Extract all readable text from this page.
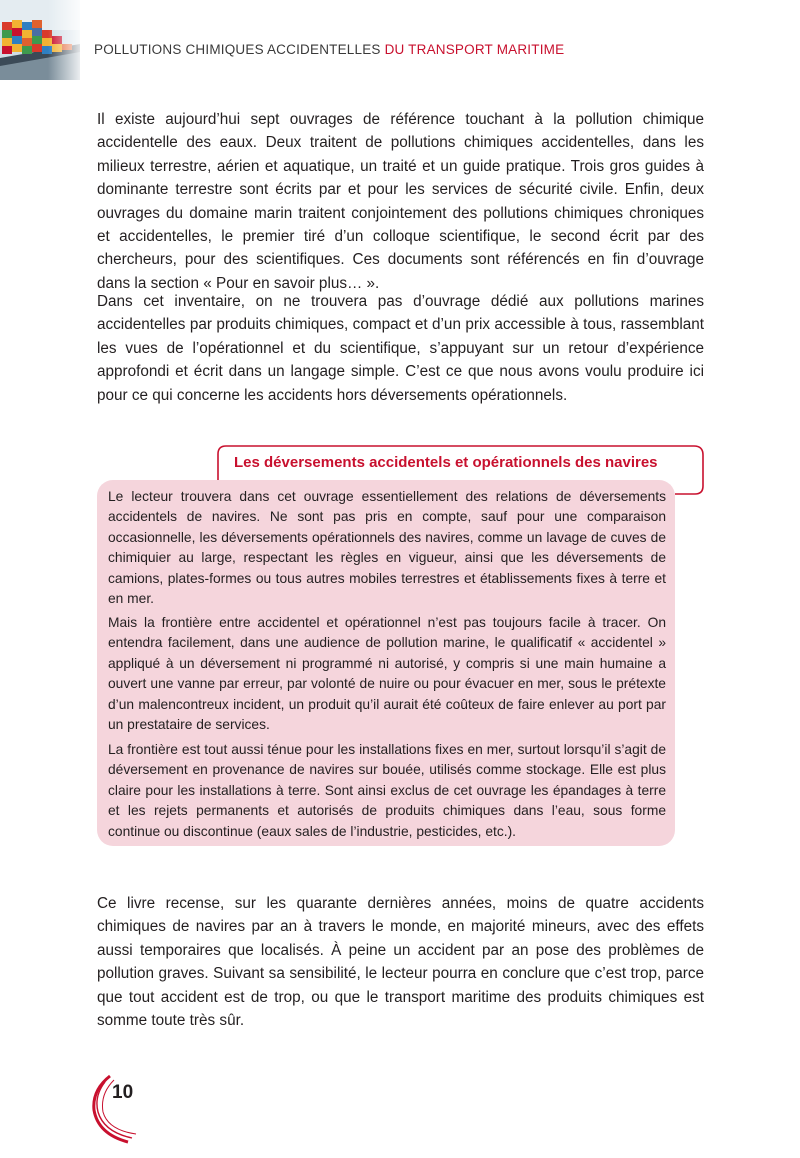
POLLUTIONS CHIMIQUES ACCIDENTELLES DU TRANSPORT MARITIME

Il existe aujourd’hui sept ouvrages de référence touchant à la pollution chimique accidentelle des eaux. Deux traitent de pollutions chimiques accidentelles, dans les milieux terrestre, aérien et aquatique, un traité et un guide pratique. Trois gros guides à dominante terrestre sont écrits par et pour les services de sécurité civile. Enfin, deux ouvrages du domaine marin traitent conjointement des pollutions chimiques chroniques et accidentelles, le premier tiré d’un colloque scientifique, le second écrit par des chercheurs, pour des scientifiques. Ces documents sont référencés en fin d’ouvrage dans la section « Pour en savoir plus… ».

Dans cet inventaire, on ne trouvera pas d’ouvrage dédié aux pollutions marines accidentelles par produits chimiques, compact et d’un prix accessible à tous, rassemblant les vues de l’opérationnel et du scientifique, s’appuyant sur un retour d’expérience approfondi et écrit dans un langage simple. C’est ce que nous avons voulu produire ici pour ce qui concerne les accidents hors déversements opérationnels.

Les déversements accidentels et opérationnels des navires

Le lecteur trouvera dans cet ouvrage essentiellement des relations de déversements accidentels de navires. Ne sont pas pris en compte, sauf pour une comparaison occasionnelle, les déversements opérationnels des navires, comme un lavage de cuves de chimiquier au large, respectant les règles en vigueur, ainsi que les déversements de camions, plates-formes ou tous autres mobiles terrestres et établissements fixes à terre et en mer.

Mais la frontière entre accidentel et opérationnel n’est pas toujours facile à tracer. On entendra facilement, dans une audience de pollution marine, le qualificatif « accidentel » appliqué à un déversement ni programmé ni autorisé, y compris si une main humaine a ouvert une vanne par erreur, par volonté de nuire ou pour évacuer en mer, sous le prétexte d’un malencontreux incident, un produit qu’il aurait été coûteux de faire enlever au port par un prestataire de services.

La frontière est tout aussi ténue pour les installations fixes en mer, surtout lorsqu’il s’agit de déversement en provenance de navires sur bouée, utilisés comme stockage. Elle est plus claire pour les installations à terre. Sont ainsi exclus de cet ouvrage les épandages à terre et les rejets permanents et autorisés de produits chimiques dans l’eau, sous forme continue ou discontinue (eaux sales de l’industrie, pesticides, etc.).

Ce livre recense, sur les quarante dernières années, moins de quatre accidents chimiques de navires par an à travers le monde, en majorité mineurs, avec des effets aussi temporaires que localisés. À peine un accident par an pose des problèmes de pollution graves. Suivant sa sensibilité, le lecteur pourra en conclure que c’est trop, parce que tout accident est de trop, ou que le transport maritime des produits chimiques est somme toute très sûr.

10
